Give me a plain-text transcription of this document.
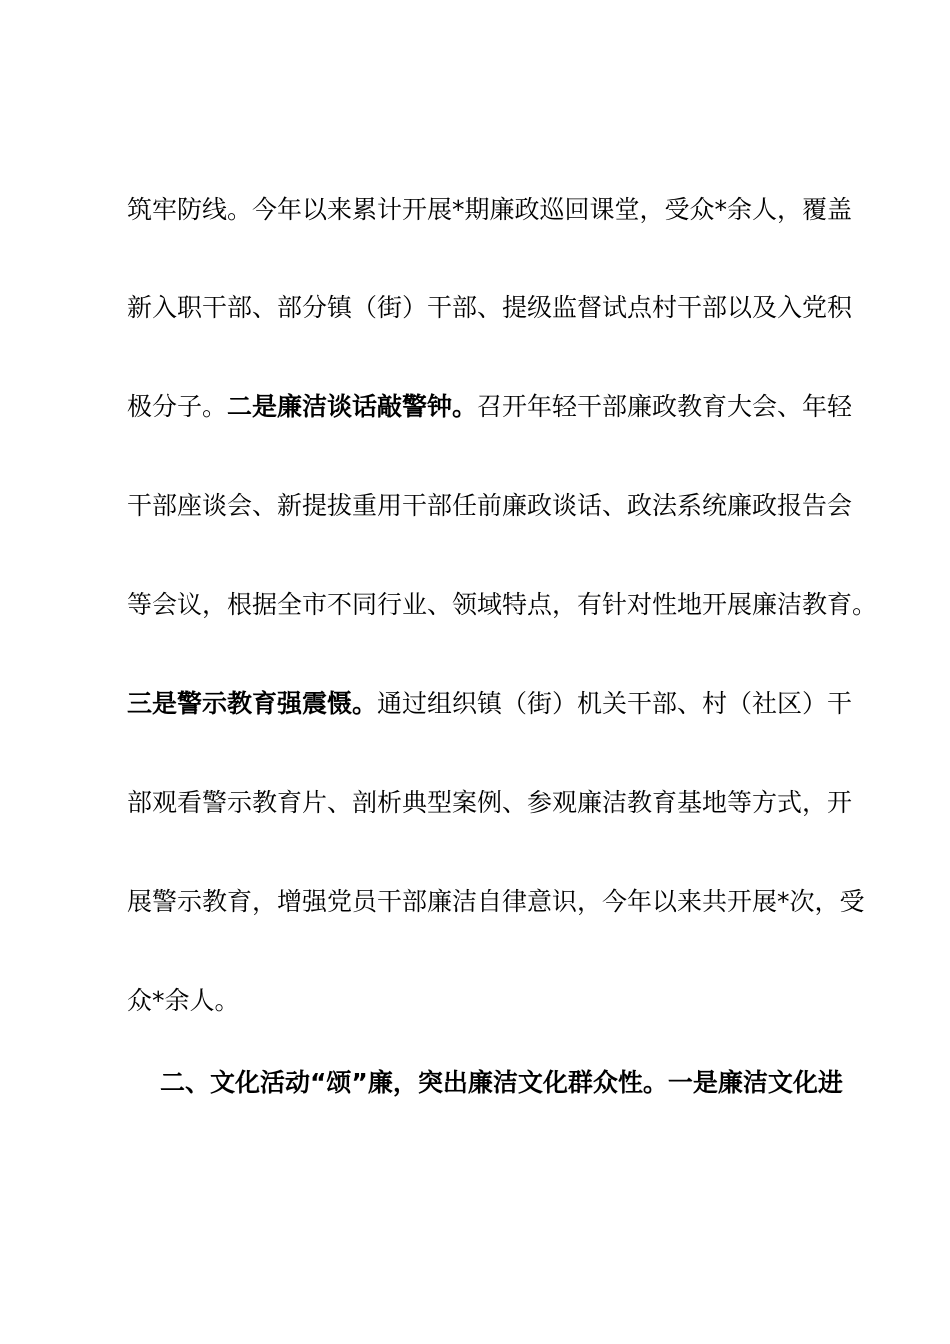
筑牢防线。今年以来累计开展*期廉政巡回课堂，受众*余人，覆盖
新入职干部、部分镇（街）干部、提级监督试点村干部以及入党积
极分子。二是廉洁谈话敲警钟。召开年轻干部廉政教育大会、年轻
干部座谈会、新提拔重用干部任前廉政谈话、政法系统廉政报告会
等会议，根据全市不同行业、领域特点，有针对性地开展廉洁教育。
三是警示教育强震慑。通过组织镇（街）机关干部、村（社区）干
部观看警示教育片、剖析典型案例、参观廉洁教育基地等方式，开
展警示教育，增强党员干部廉洁自律意识，今年以来共开展*次，受
众*余人。
二、文化活动“颂”廉，突出廉洁文化群众性。一是廉洁文化进
